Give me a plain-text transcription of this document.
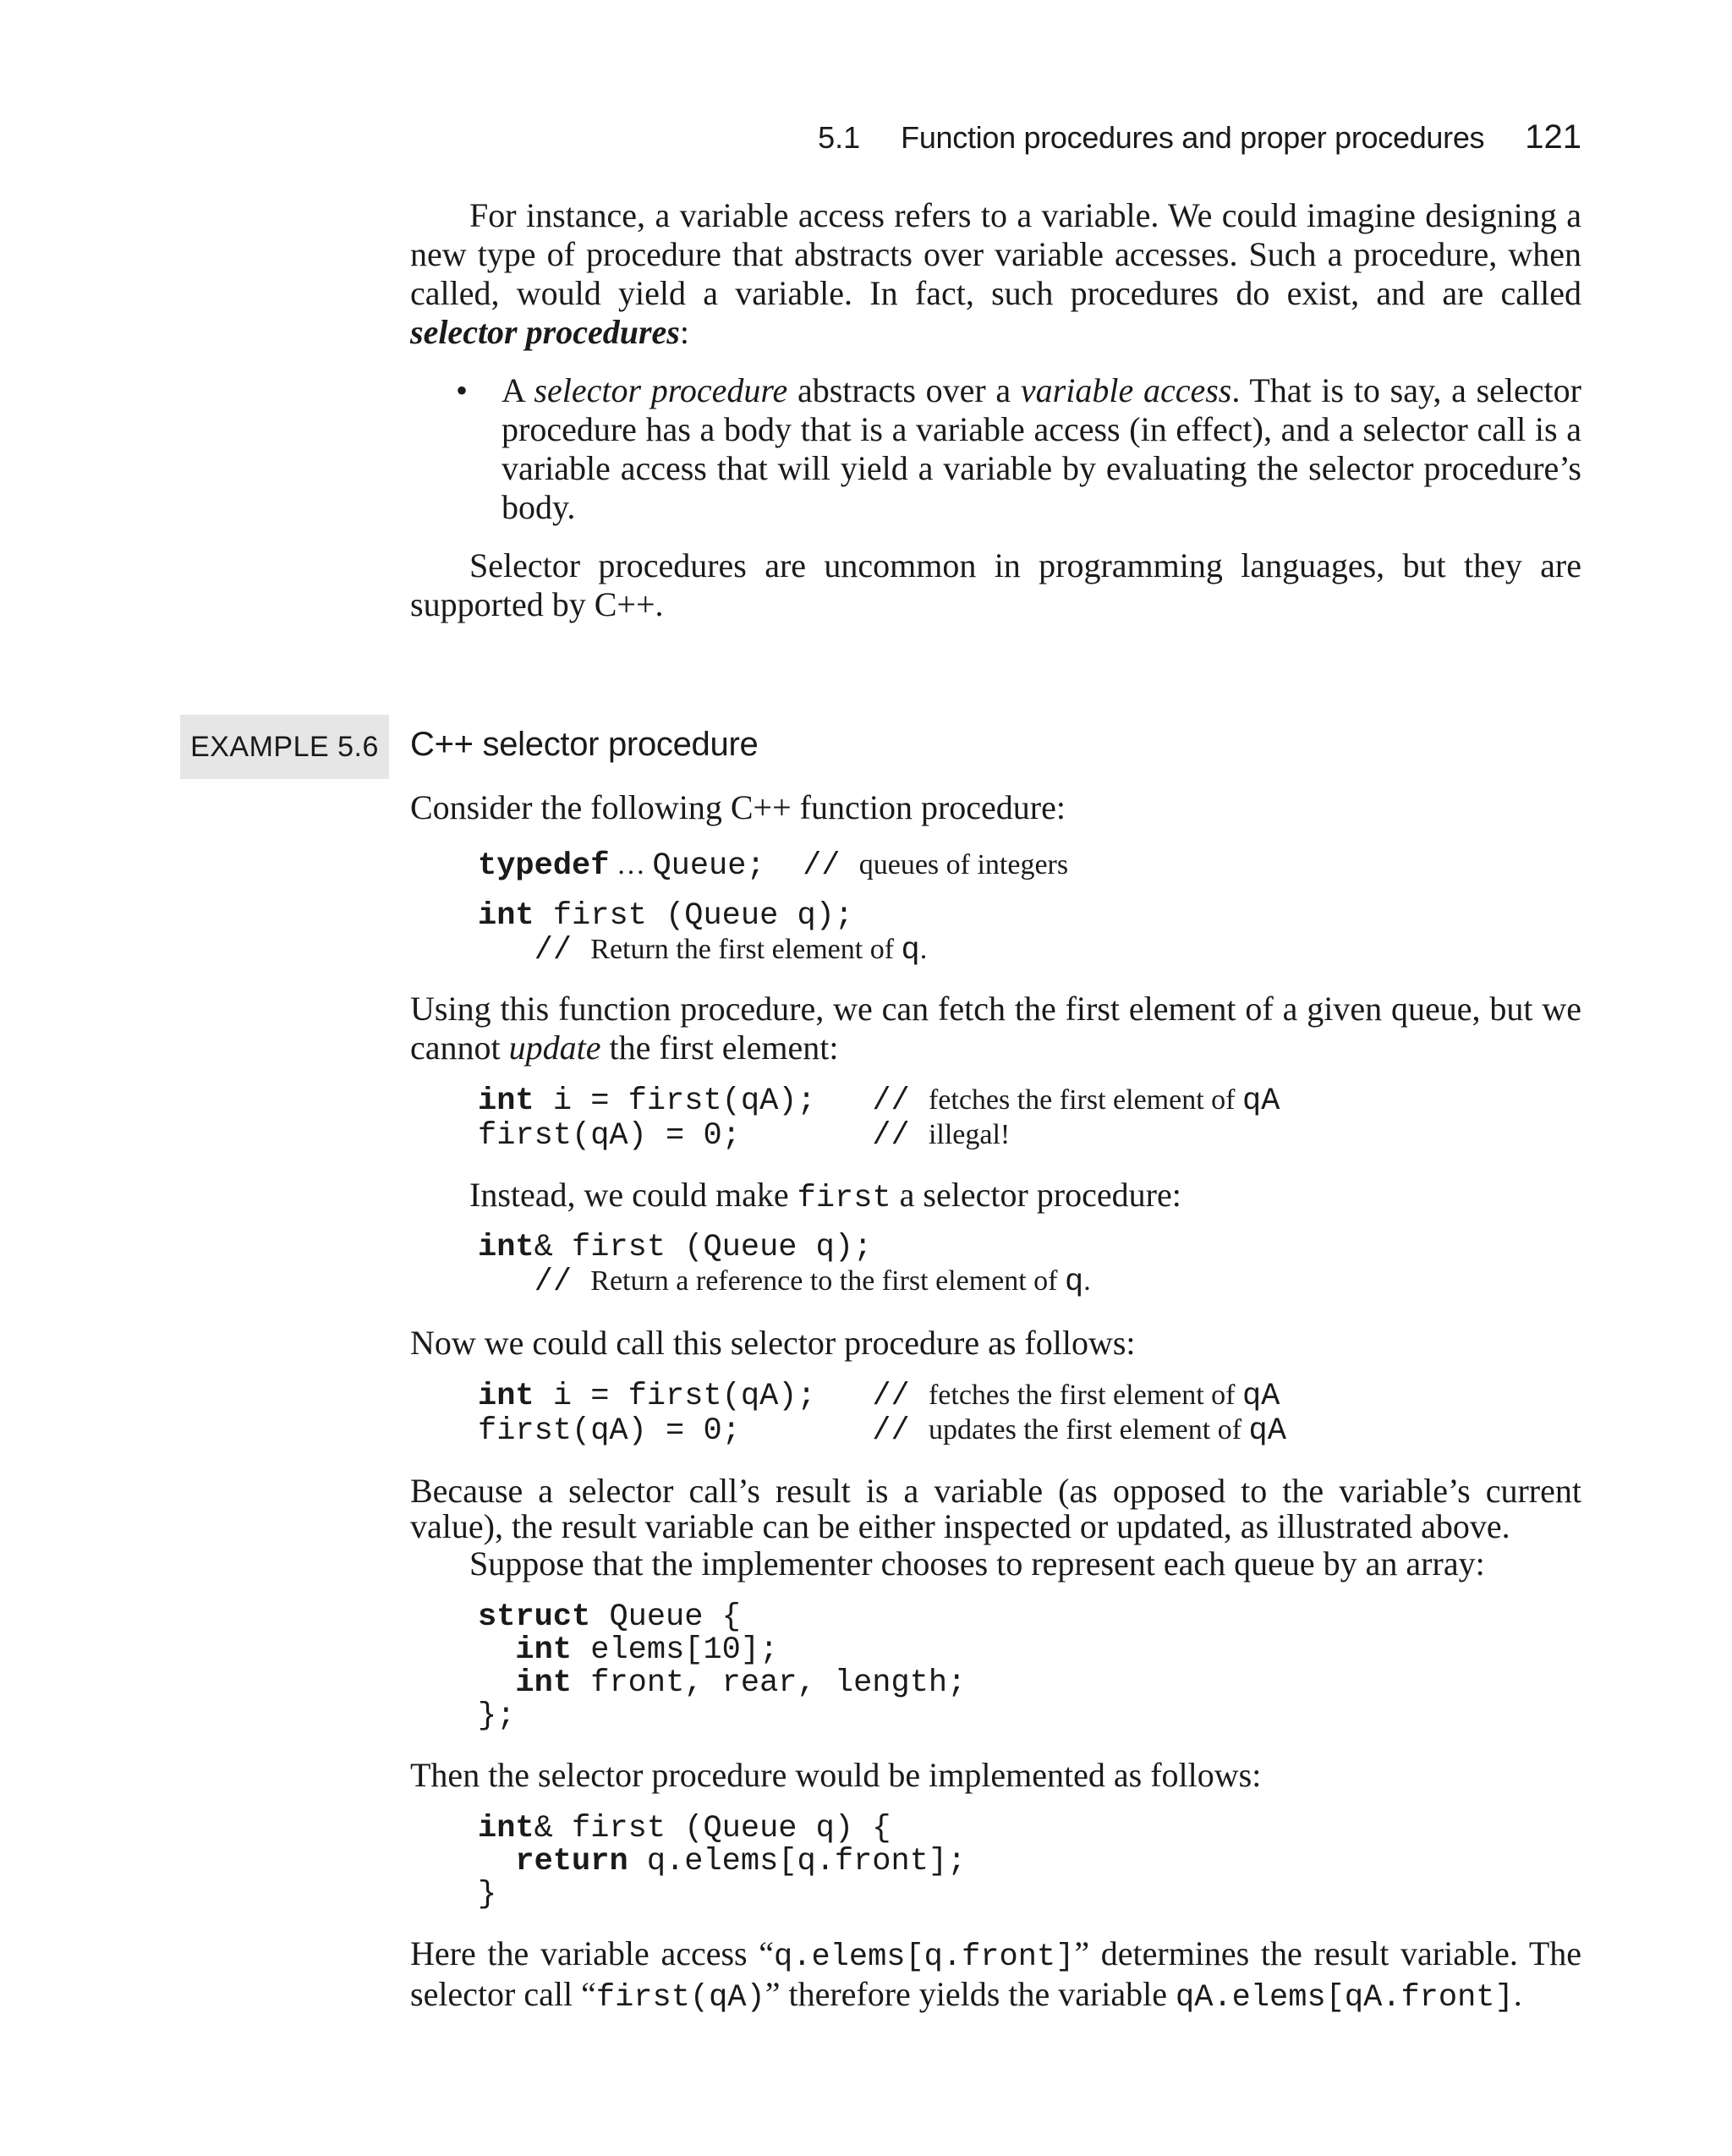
5.1 Function procedures and proper procedures 121
For instance, a variable access refers to a variable. We could imagine designing a new type of procedure that abstracts over variable accesses. Such a procedure, when called, would yield a variable. In fact, such procedures do exist, and are called selector procedures:
• A selector procedure abstracts over a variable access. That is to say, a selector procedure has a body that is a variable access (in effect), and a selector call is a variable access that will yield a variable by evaluating the selector procedure’s body.
Selector procedures are uncommon in programming languages, but they are supported by C++.
EXAMPLE 5.6 C++ selector procedure
Consider the following C++ function procedure:
typedef … Queue; // queues of integers
int first (Queue q);
// Return the first element of q.
Using this function procedure, we can fetch the first element of a given queue, but we cannot update the first element:
int i = first(qA); // fetches the first element of qA
first(qA) = 0;	// illegal!
Instead, we could make first a selector procedure:
int& first (Queue q);
// Return a reference to the first element of q.
Now we could call this selector procedure as follows:
int i = first(qA); // fetches the first element of qA
first(qA) = 0;	// updates the first element of qA
Because a selector call’s result is a variable (as opposed to the variable’s current value), the result variable can be either inspected or updated, as illustrated above.
Suppose that the implementer chooses to represent each queue by an array:
struct Queue {
int elems[10];
int front, rear, length;
};
Then the selector procedure would be implemented as follows:
int& first (Queue q) {
return q.elems[q.front];
}
Here the variable access “q.elems[q.front]” determines the result variable. The selector call “first(qA)” therefore yields the variable qA.elems[qA.front].
